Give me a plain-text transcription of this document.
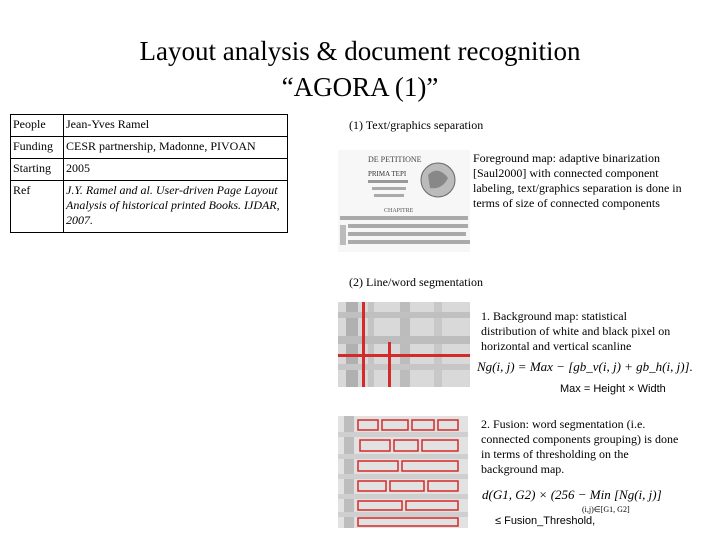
Layout analysis & document recognition
“AGORA (1)”
People	Jean-Yves Ramel
Funding	CESR partnership, Madonne, PIVOAN
Starting	2005
Ref	J.Y. Ramel and al. User-driven Page Layout Analysis of historical printed Books. IJDAR, 2007.
(1) Text/graphics separation
DE PETITIONE
PRIMA TEPI
CHAPITRE
Foreground map: adaptive binarization [Saul2000] with connected component labeling, text/graphics separation is done in terms of size of connected components
(2) Line/word segmentation
1. Background map: statistical distribution of white and black pixel on horizontal and vertical scanline
Ng(i, j) = Max − [gb_v(i, j) + gb_h(i, j)].
Max = Height × Width
2. Fusion: word segmentation (i.e. connected components grouping) is done in terms of thresholding on the background map.
d(G1, G2) × (256 − Min [Ng(i, j)]
(i,j)∈[G1, G2]
≤ Fusion_Threshold,
